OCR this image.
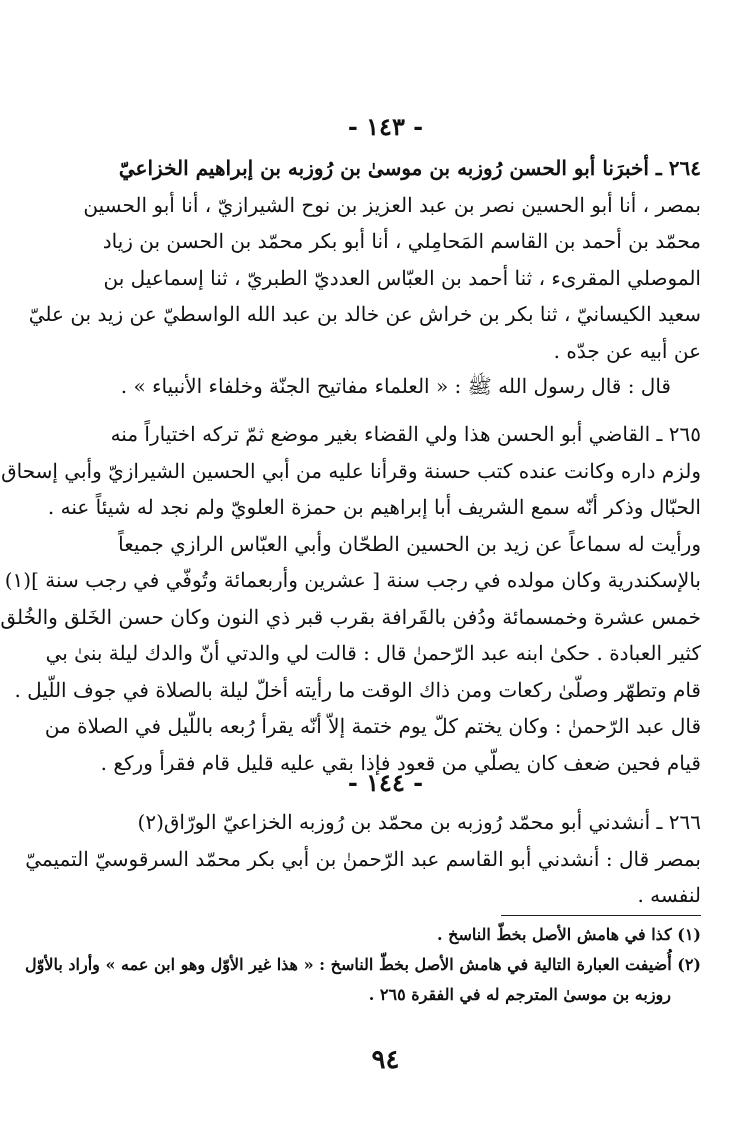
- ١٤٣ -
٢٦٤ ـ أخبرَنا أبو الحسن رُوزبه بن موسىٰ بن رُوزبه بن إبراهيم الخزاعيّ
بمصر ، أنا أبو الحسين نصر بن عبد العزيز بن نوح الشيرازيّ ، أنا أبو الحسين
محمّد بن أحمد بن القاسم المَحامِلي ، أنا أبو بكر محمّد بن الحسن بن زياد
الموصلي المقرىء ، ثنا أحمد بن العبّاس العدديّ الطبريّ ، ثنا إسماعيل بن
سعيد الكيسانيّ ، ثنا بكر بن خراش عن خالد بن عبد الله الواسطيّ عن زيد بن عليّ
عن أبيه عن جدّه .
قال : قال رسول الله ﷺ : « العلماء مفاتيح الجنّة وخلفاء الأنبياء » .
٢٦٥ ـ القاضي أبو الحسن هذا ولي القضاء بغير موضع ثمّ تركه اختياراً منه
ولزم داره وكانت عنده كتب حسنة وقرأنا عليه من أبي الحسين الشيرازيّ وأبي إسحاق
الحبّال وذكر أنّه سمع الشريف أبا إبراهيم بن حمزة العلويّ ولم نجد له شيئاً عنه .
ورأيت له سماعاً عن زيد بن الحسين الطحّان وأبي العبّاس الرازي جميعاً
بالإسكندرية وكان مولده في رجب سنة [ عشرين وأربعمائة وتُوفّي في رجب سنة ](١)
خمس عشرة وخمسمائة ودُفن بالقَرافة بقرب قبر ذي النون وكان حسن الخَلق والخُلق
كثير العبادة . حكىٰ ابنه عبد الرّحمنٰ قال : قالت لي والدتي أنّ والدك ليلة بنىٰ بي
قام وتطهّر وصلّىٰ ركعات ومن ذاك الوقت ما رأيته أخلّ ليلة بالصلاة في جوف اللّيل .
قال عبد الرّحمنٰ : وكان يختم كلّ يوم ختمة إلاّ أنّه يقرأ رُبعه باللّيل في الصلاة من
قيام فحين ضعف كان يصلّي من قعود فإذا بقي عليه قليل قام فقرأ وركع .
- ١٤٤ -
٢٦٦ ـ أنشدني أبو محمّد رُوزبه بن محمّد بن رُوزبه الخزاعيّ الورّاق(٢)
بمصر قال : أنشدني أبو القاسم عبد الرّحمنٰ بن أبي بكر محمّد السرقوسيّ التميميّ
لنفسه .
(١) كذا في هامش الأصل بخطّ الناسخ .
(٢) أُضيفت العبارة التالية في هامش الأصل بخطّ الناسخ : « هذا غير الأوّل وهو ابن عمه » وأراد بالأوّل
روزبه بن موسىٰ المترجم له في الفقرة ٢٦٥ .
٩٤
